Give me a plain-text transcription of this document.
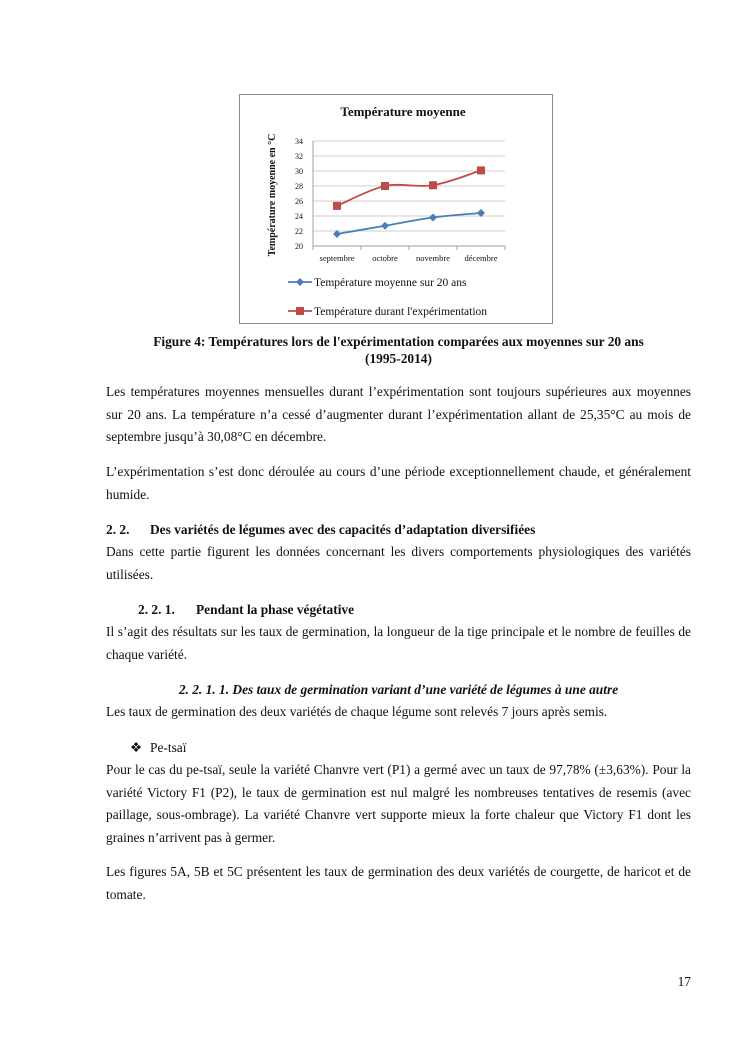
Température moyenne
Température moyenne en °C 20
22
24
26
28
30
32
34
septembre octobre novembre décembre
Température moyenne sur 20 ans
Température durant l'expérimentation
Figure 4: Températures lors de l'expérimentation comparées aux moyennes sur 20 ans
(1995-2014)
Les températures moyennes mensuelles durant l’expérimentation sont toujours supérieures aux moyennes sur 20 ans. La température n’a cessé d’augmenter durant l’expérimentation allant de 25,35°C au mois de septembre jusqu’à 30,08°C en décembre.
L’expérimentation s’est donc déroulée au cours d’une période exceptionnellement chaude, et généralement humide.
2. 2. Des variétés de légumes avec des capacités d’adaptation diversifiées
Dans cette partie figurent les données concernant les divers comportements physiologiques des variétés utilisées.
2. 2. 1. Pendant la phase végétative
Il s’agit des résultats sur les taux de germination, la longueur de la tige principale et le nombre de feuilles de chaque variété.
2. 2. 1. 1. Des taux de germination variant d’une variété de légumes à une autre
Les taux de germination des deux variétés de chaque légume sont relevés 7 jours après semis.
❖ Pe-tsaï
Pour le cas du pe-tsaï, seule la variété Chanvre vert (P1) a germé avec un taux de 97,78% (±3,63%). Pour la variété Victory F1 (P2), le taux de germination est nul malgré les nombreuses tentatives de resemis (avec paillage, sous-ombrage). La variété Chanvre vert supporte mieux la forte chaleur que Victory F1 dont les graines n’arrivent pas à germer.
Les figures 5A, 5B et 5C présentent les taux de germination des deux variétés de courgette, de haricot et de tomate.
17
